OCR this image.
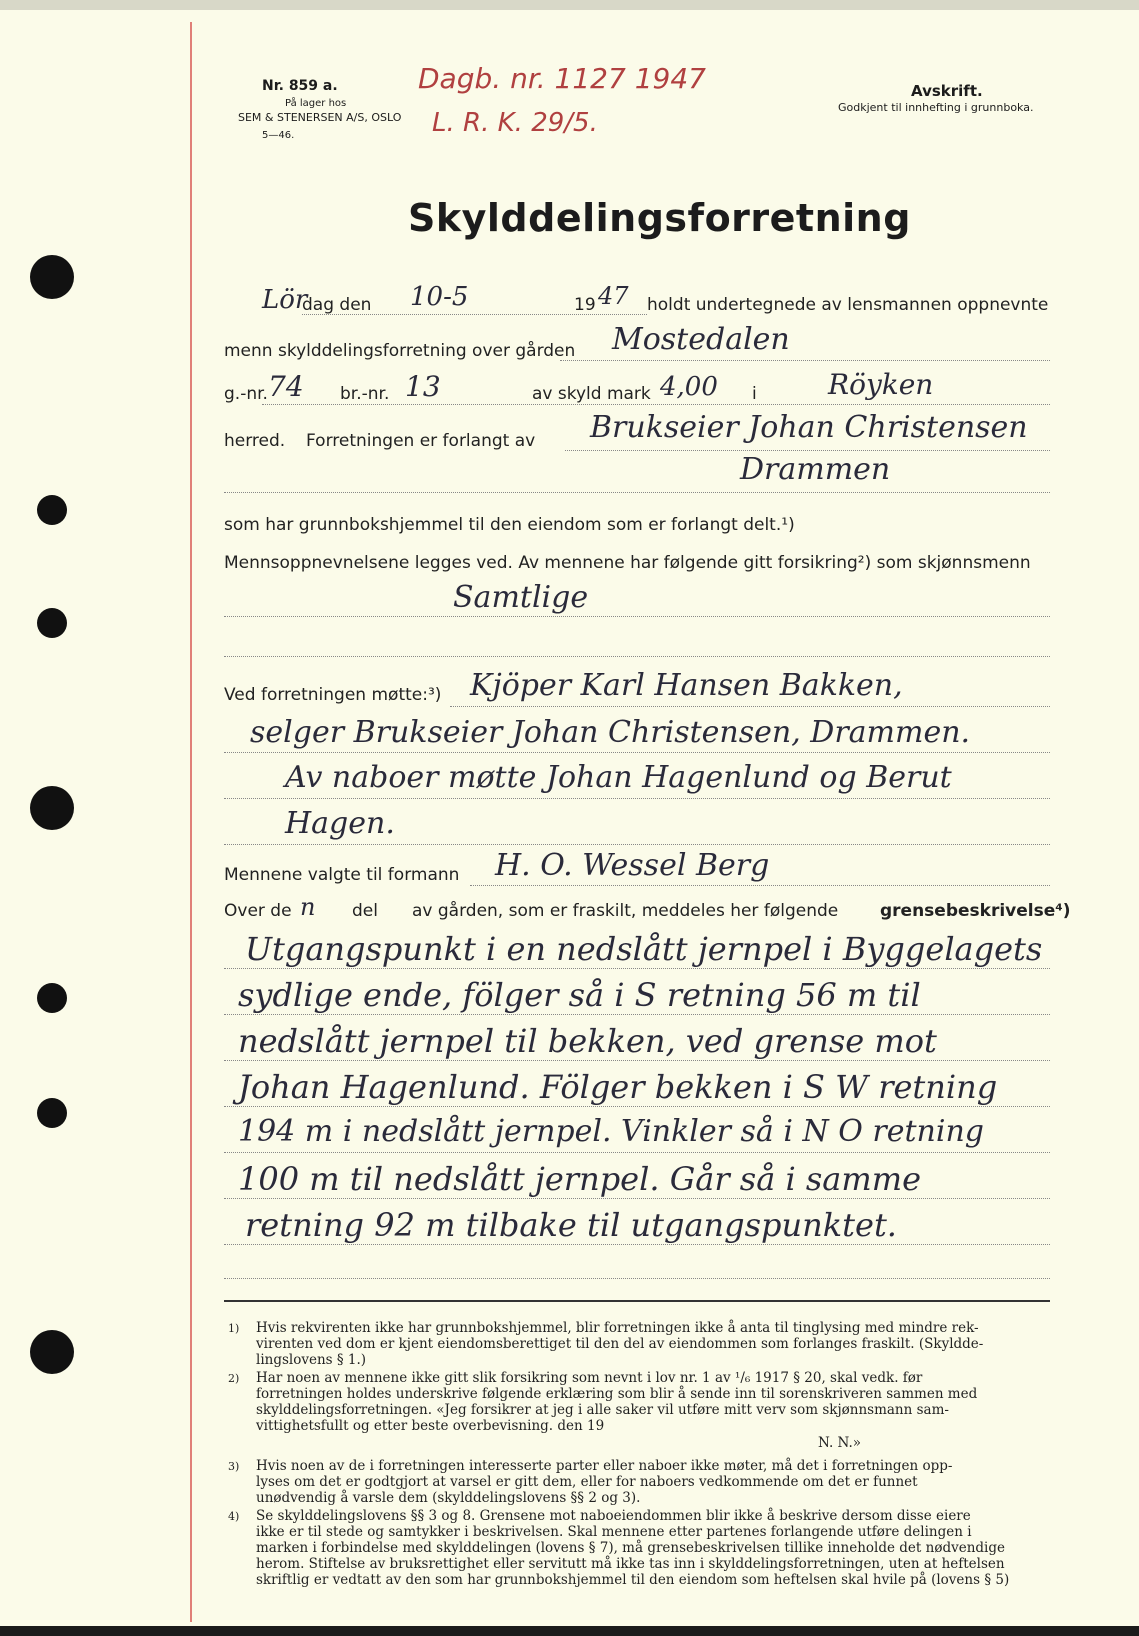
Nr. 859 a.
På lager hos
SEM & STENERSEN A/S, OSLO
5—46.
Dagb. nr. 1127 1947
L. R. K. 29/5.
Avskrift.
Godkjent til innhefting i grunnboka.
Skylddelingsforretning
Lör
dag den 10-5	19 47 holdt undertegnede av lensmannen oppnevnte
menn skylddelingsforretning over gården Mostedalen
g.-nr. 74 br.-nr. 13	av skyld mark 4,00 i	Röyken
herred. Forretningen er forlangt av Brukseier Johan Christensen
Drammen
som har grunnbokshjemmel til den eiendom som er forlangt delt.¹)
Mennsoppnevnelsene legges ved. Av mennene har følgende gitt forsikring²) som skjønnsmenn
Samtlige
Ved forretningen møtte:³) Kjöper Karl Hansen Bakken,
selger Brukseier Johan Christensen, Drammen.
Av naboer møtte Johan Hagenlund og Berut
Hagen.
Mennene valgte til formann H. O. Wessel Berg
Over de n del av gården, som er fraskilt, meddeles her følgende grensebeskrivelse⁴)
Utgangspunkt i en nedslått jernpel i Byggelagets
sydlige ende, fölger så i S retning 56 m til
nedslått jernpel til bekken, ved grense mot
Johan Hagenlund. Fölger bekken i S W retning
194 m i nedslått jernpel. Vinkler så i N O retning
100 m til nedslått jernpel. Går så i samme
retning 92 m tilbake til utgangspunktet.
1) Hvis rekvirenten ikke har grunnbokshjemmel, blir forretningen ikke å anta til tinglysing med mindre rek-
virenten ved dom er kjent eiendomsberettiget til den del av eiendommen som forlanges fraskilt. (Skyldde-
lingslovens § 1.)
2) Har noen av mennene ikke gitt slik forsikring som nevnt i lov nr. 1 av ¹/₆ 1917 § 20, skal vedk. før
forretningen holdes underskrive følgende erklæring som blir å sende inn til sorenskriveren sammen med
skylddelingsforretningen. «Jeg forsikrer at jeg i alle saker vil utføre mitt verv som skjønnsmann sam-
vittighetsfullt og etter beste overbevisning. den 19
N. N.»
3) Hvis noen av de i forretningen interesserte parter eller naboer ikke møter, må det i forretningen opp-
lyses om det er godtgjort at varsel er gitt dem, eller for naboers vedkommende om det er funnet
unødvendig å varsle dem (skylddelingslovens §§ 2 og 3).
4) Se skylddelingslovens §§ 3 og 8. Grensene mot naboeiendommen blir ikke å beskrive dersom disse eiere
ikke er til stede og samtykker i beskrivelsen. Skal mennene etter partenes forlangende utføre delingen i
marken i forbindelse med skylddelingen (lovens § 7), må grensebeskrivelsen tillike inneholde det nødvendige
herom. Stiftelse av bruksrettighet eller servitutt må ikke tas inn i skylddelingsforretningen, uten at heftelsen
skriftlig er vedtatt av den som har grunnbokshjemmel til den eiendom som heftelsen skal hvile på (lovens § 5)
